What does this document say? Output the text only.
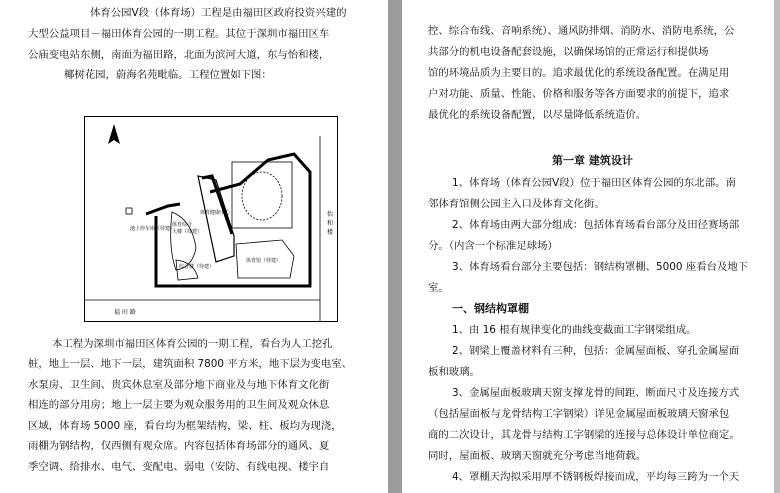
体育公园Ⅴ段（体育场）工程是由福田区政府投资兴建的
大型公益项目－福田体育公园的一期工程。其位于深圳市福田区车
公庙变电站东侧，南面为福田路，北面为滨河大道，东与怡和楼，
椰树花园，蔚海名苑毗临。工程位置如下图：
地上停车库（待建）
体育综合大楼（待建）
体育健康中心
综合楼（待建）
体育馆（待建）
怡和楼
福 田 路
本工程为深圳市福田区体育公园的一期工程，看台为人工挖孔
桩，地上一层、地下一层，建筑面积 7800 平方米，地下层为变电室、
水泵房、卫生间、贵宾休息室及部分地下商业及与地下体育文化街
相连的部分用房；地上一层主要为观众服务用的卫生间及观众休息
区域，体育场 5000 座，看台均为框架结构，梁、柱、板均为现浇，
雨棚为钢结构，仅西侧有观众席。内容包括体育场部分的通风、夏
季空调、给排水、电气、变配电、弱电（安防、有线电视、楼宇自
控、综合布线、音响系统）、通风防排烟、消防水、消防电系统，公
共部分的机电设备配套设施，以确保场馆的正常运行和提供场
馆的环境品质为主要目的。追求最优化的系统设备配置。在满足用
户对功能、质量、性能、价格和服务等各方面要求的前提下，追求
最优化的系统设备配置，以尽量降低系统造价。
第一章 建筑设计
1、体育场（体育公园Ⅴ段）位于福田区体育公园的东北部。南
邻体育馆侧公园主入口及体育文化街。
2、体育场由两大部分组成：包括体育场看台部分及田径赛场部
分。（内含一个标准足球场）
3、体育场看台部分主要包括：钢结构罩棚、5000 座看台及地下
室。
一、钢结构罩棚
1、由 16 根有规律变化的曲线变截面工字钢梁组成。
2、钢梁上覆盖材料有三种，包括：金属屋面板、穿孔金属屋面
板和玻璃。
3、金属屋面板玻璃天窗支撑龙骨的间距、断面尺寸及连接方式
（包括屋面板与龙骨结构工字钢梁）详见金属屋面板玻璃天窗承包
商的二次设计，其龙骨与结构工字钢梁的连接与总体设计单位商定。
同时，屋面板、玻璃天窗就充分考虑当地荷载。
4、罩棚天沟拟采用厚不锈钢板焊接而成，平均每三跨为一个天
